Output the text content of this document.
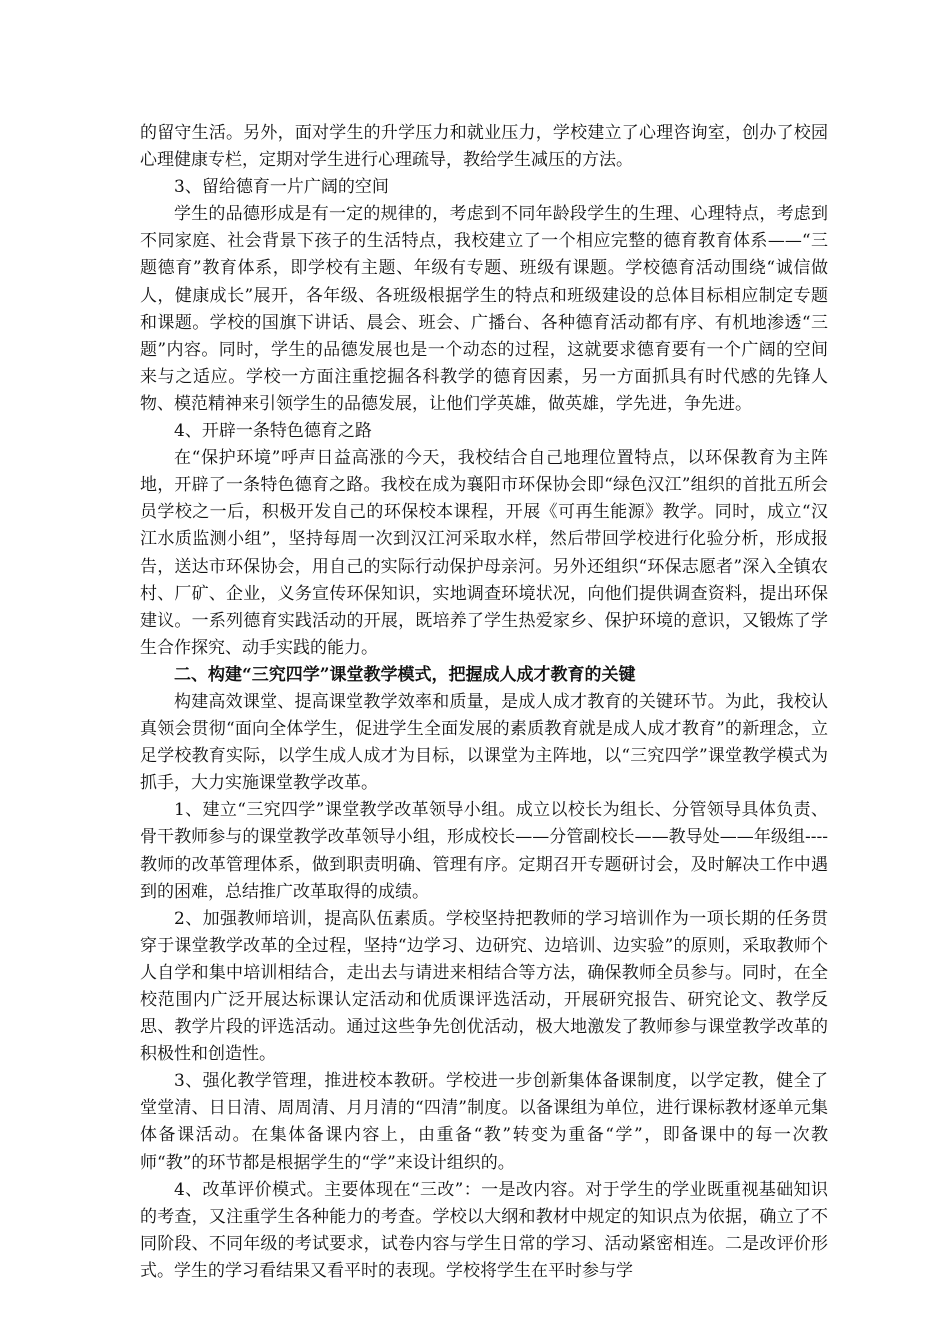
的留守生活。另外，面对学生的升学压力和就业压力，学校建立了心理咨询室，创办了校园心理健康专栏，定期对学生进行心理疏导，教给学生减压的方法。

3、留给德育一片广阔的空间

学生的品德形成是有一定的规律的，考虑到不同年龄段学生的生理、心理特点，考虑到不同家庭、社会背景下孩子的生活特点，我校建立了一个相应完整的德育教育体系——“三题德育”教育体系，即学校有主题、年级有专题、班级有课题。学校德育活动围绕“诚信做人，健康成长”展开，各年级、各班级根据学生的特点和班级建设的总体目标相应制定专题和课题。学校的国旗下讲话、晨会、班会、广播台、各种德育活动都有序、有机地渗透“三题”内容。同时，学生的品德发展也是一个动态的过程，这就要求德育要有一个广阔的空间来与之适应。学校一方面注重挖掘各科教学的德育因素，另一方面抓具有时代感的先锋人物、模范精神来引领学生的品德发展，让他们学英雄，做英雄，学先进，争先进。

4、开辟一条特色德育之路

在“保护环境”呼声日益高涨的今天，我校结合自己地理位置特点，以环保教育为主阵地，开辟了一条特色德育之路。我校在成为襄阳市环保协会即“绿色汉江”组织的首批五所会员学校之一后，积极开发自己的环保校本课程，开展《可再生能源》教学。同时，成立“汉江水质监测小组”，坚持每周一次到汉江河采取水样，然后带回学校进行化验分析，形成报告，送达市环保协会，用自己的实际行动保护母亲河。另外还组织“环保志愿者”深入全镇农村、厂矿、企业，义务宣传环保知识，实地调查环境状况，向他们提供调查资料，提出环保建议。一系列德育实践活动的开展，既培养了学生热爱家乡、保护环境的意识，又锻炼了学生合作探究、动手实践的能力。

二、构建“三究四学”课堂教学模式，把握成人成才教育的关键

构建高效课堂、提高课堂教学效率和质量，是成人成才教育的关键环节。为此，我校认真领会贯彻“面向全体学生，促进学生全面发展的素质教育就是成人成才教育”的新理念，立足学校教育实际，以学生成人成才为目标，以课堂为主阵地，以“三究四学”课堂教学模式为抓手，大力实施课堂教学改革。

1、建立“三究四学”课堂教学改革领导小组。成立以校长为组长、分管领导具体负责、骨干教师参与的课堂教学改革领导小组，形成校长——分管副校长——教导处——年级组----教师的改革管理体系，做到职责明确、管理有序。定期召开专题研讨会，及时解决工作中遇到的困难，总结推广改革取得的成绩。

2、加强教师培训，提高队伍素质。学校坚持把教师的学习培训作为一项长期的任务贯穿于课堂教学改革的全过程，坚持“边学习、边研究、边培训、边实验”的原则，采取教师个人自学和集中培训相结合，走出去与请进来相结合等方法，确保教师全员参与。同时，在全校范围内广泛开展达标课认定活动和优质课评选活动，开展研究报告、研究论文、教学反思、教学片段的评选活动。通过这些争先创优活动，极大地激发了教师参与课堂教学改革的积极性和创造性。

3、强化教学管理，推进校本教研。学校进一步创新集体备课制度，以学定教，健全了堂堂清、日日清、周周清、月月清的“四清”制度。以备课组为单位，进行课标教材逐单元集体备课活动。在集体备课内容上，由重备“教”转变为重备“学”，即备课中的每一次教师“教”的环节都是根据学生的“学”来设计组织的。

4、改革评价模式。主要体现在“三改”：一是改内容。对于学生的学业既重视基础知识的考查，又注重学生各种能力的考查。学校以大纲和教材中规定的知识点为依据，确立了不同阶段、不同年级的考试要求，试卷内容与学生日常的学习、活动紧密相连。二是改评价形式。学生的学习看结果又看平时的表现。学校将学生在平时参与学
